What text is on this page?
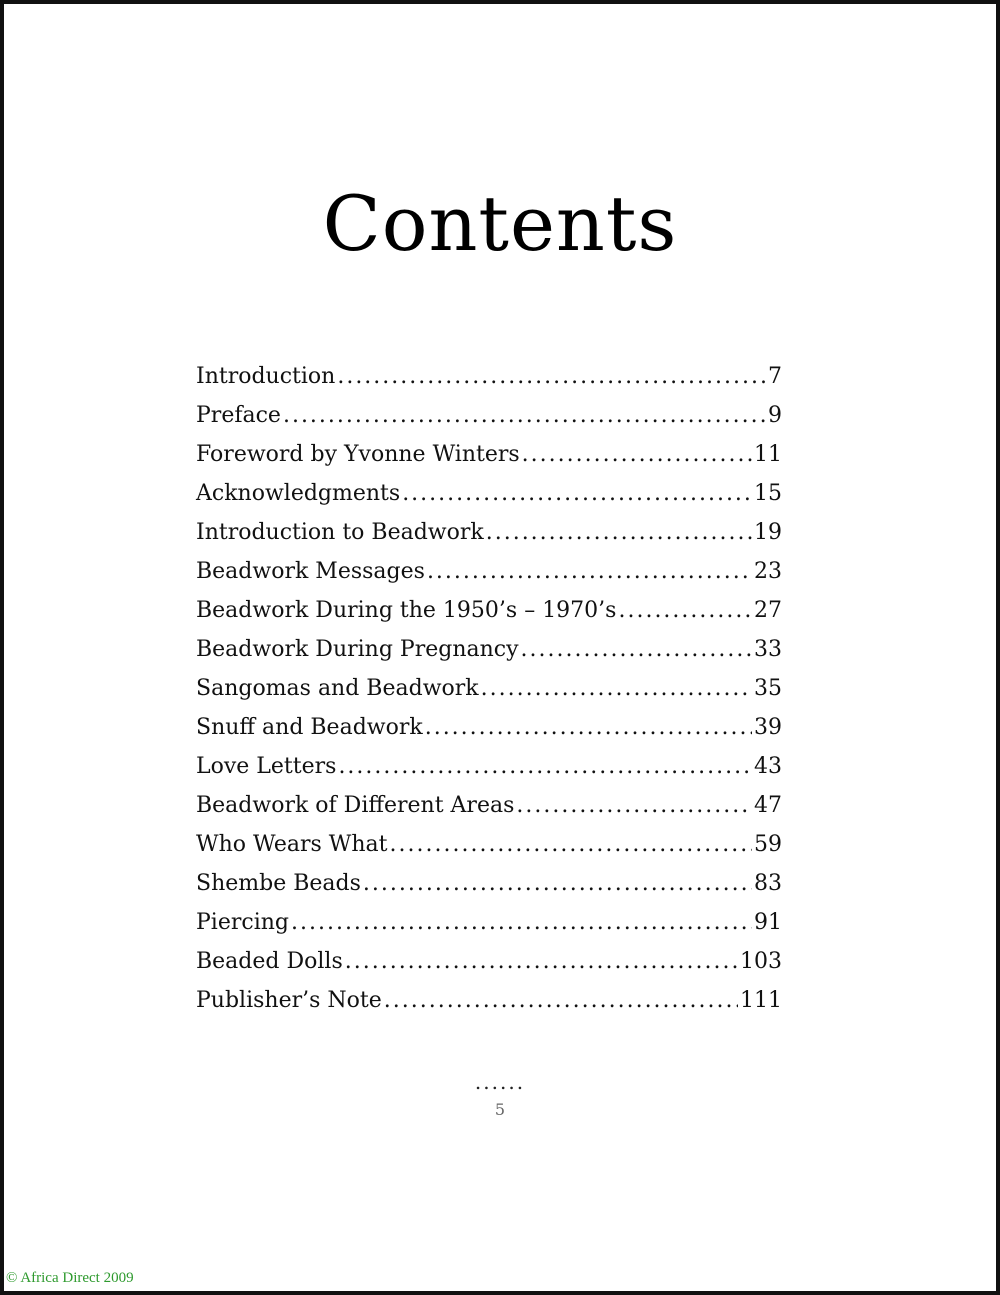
Contents
Introduction .....	7
Preface .....	9
Foreword by Yvonne Winters .....	11
Acknowledgments .....	15
Introduction to Beadwork .....	19
Beadwork Messages .....	23
Beadwork During the 1950’s – 1970’s .....	27
Beadwork During Pregnancy .....	33
Sangomas and Beadwork .....	35
Snuff and Beadwork .....	39
Love Letters .....	43
Beadwork of Different Areas .....	47
Who Wears What .....	59
Shembe Beads .....	83
Piercing .....	91
Beaded Dolls .....	103
Publisher’s Note .....	111
......
5
© Africa Direct 2009
